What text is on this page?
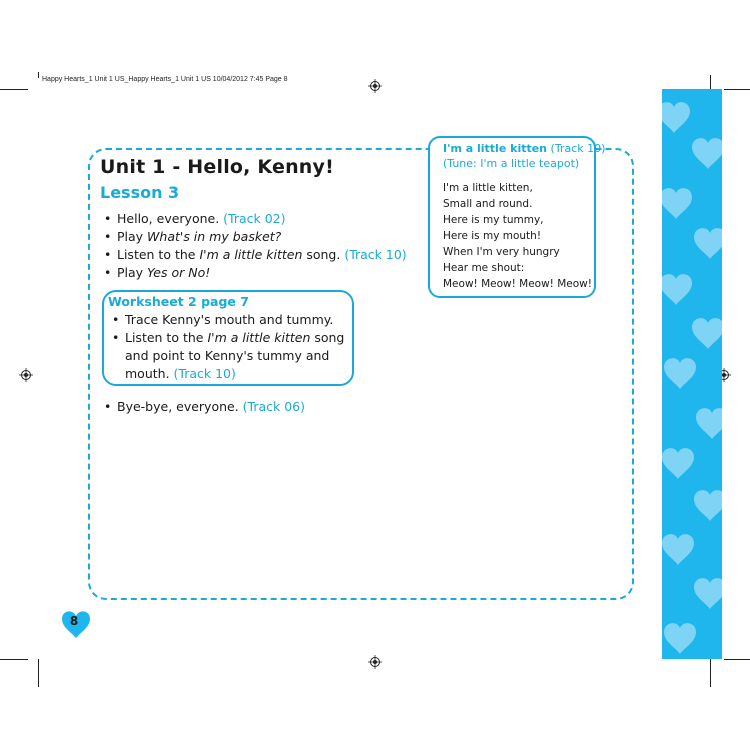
Happy Hearts_1 Unit 1 US_Happy Hearts_1 Unit 1 US 10/04/2012 7:45 Page 8
Unit 1 - Hello, Kenny!
Lesson 3
• Hello, everyone. (Track 02)
• Play What's in my basket?
• Listen to the I'm a little kitten song. (Track 10)
• Play Yes or No!
Worksheet 2 page 7
• Trace Kenny's mouth and tummy.
• Listen to the I'm a little kitten song
and point to Kenny's tummy and
mouth. (Track 10)
• Bye-bye, everyone. (Track 06)
I'm a little kitten (Track 10)
(Tune: I'm a little teapot)
I'm a little kitten,
Small and round.
Here is my tummy,
Here is my mouth!
When I'm very hungry
Hear me shout:
Meow! Meow! Meow! Meow!
8
